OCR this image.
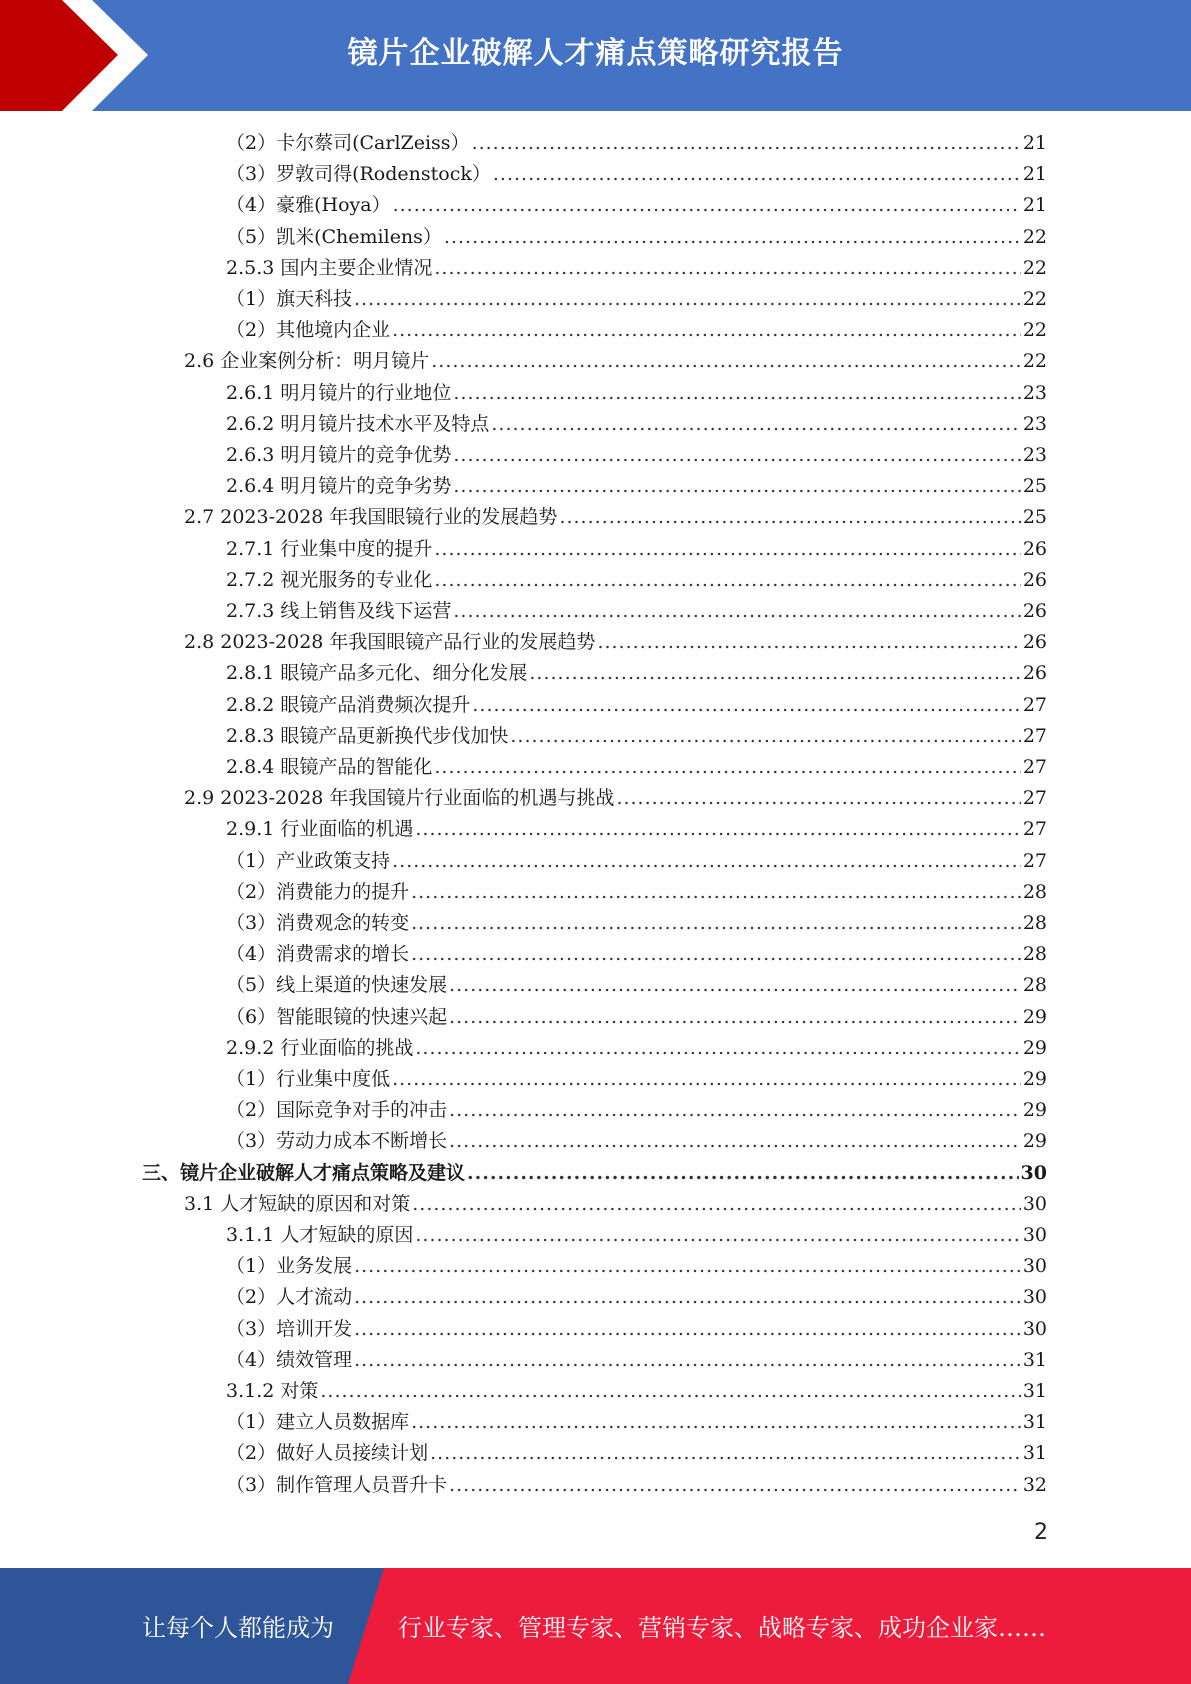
镜片企业破解人才痛点策略研究报告
（2）卡尔蔡司(CarlZeiss） .....	21
（3）罗敦司得(Rodenstock） .....	21
（4）豪雅(Hoya） .....	21
（5）凯米(Chemilens） .....	22
2.5.3 国内主要企业情况 .....	22
（1）旗天科技 .....	22
（2）其他境内企业 .....	22
2.6 企业案例分析：明月镜片 .....	22
2.6.1 明月镜片的行业地位 .....	23
2.6.2 明月镜片技术水平及特点 .....	23
2.6.3 明月镜片的竞争优势 .....	23
2.6.4 明月镜片的竞争劣势 .....	25
2.7 2023-2028 年我国眼镜行业的发展趋势 .....	25
2.7.1 行业集中度的提升 .....	26
2.7.2 视光服务的专业化 .....	26
2.7.3 线上销售及线下运营 .....	26
2.8 2023-2028 年我国眼镜产品行业的发展趋势 .....	26
2.8.1 眼镜产品多元化、细分化发展 .....	26
2.8.2 眼镜产品消费频次提升 .....	27
2.8.3 眼镜产品更新换代步伐加快 .....	27
2.8.4 眼镜产品的智能化 .....	27
2.9 2023-2028 年我国镜片行业面临的机遇与挑战 .....	27
2.9.1 行业面临的机遇 .....	27
（1）产业政策支持 .....	27
（2）消费能力的提升 .....	28
（3）消费观念的转变 .....	28
（4）消费需求的增长 .....	28
（5）线上渠道的快速发展 .....	28
（6）智能眼镜的快速兴起 .....	29
2.9.2 行业面临的挑战 .....	29
（1）行业集中度低 .....	29
（2）国际竞争对手的冲击 .....	29
（3）劳动力成本不断增长 .....	29
三、镜片企业破解人才痛点策略及建议 .....	30
3.1 人才短缺的原因和对策 .....	30
3.1.1 人才短缺的原因 .....	30
（1）业务发展 .....	30
（2）人才流动 .....	30
（3）培训开发 .....	30
（4）绩效管理 .....	31
3.1.2 对策 .....	31
（1）建立人员数据库 .....	31
（2）做好人员接续计划 .....	31
（3）制作管理人员晋升卡 .....	32
2
让每个人都能成为	行业专家、管理专家、营销专家、战略专家、成功企业家……
